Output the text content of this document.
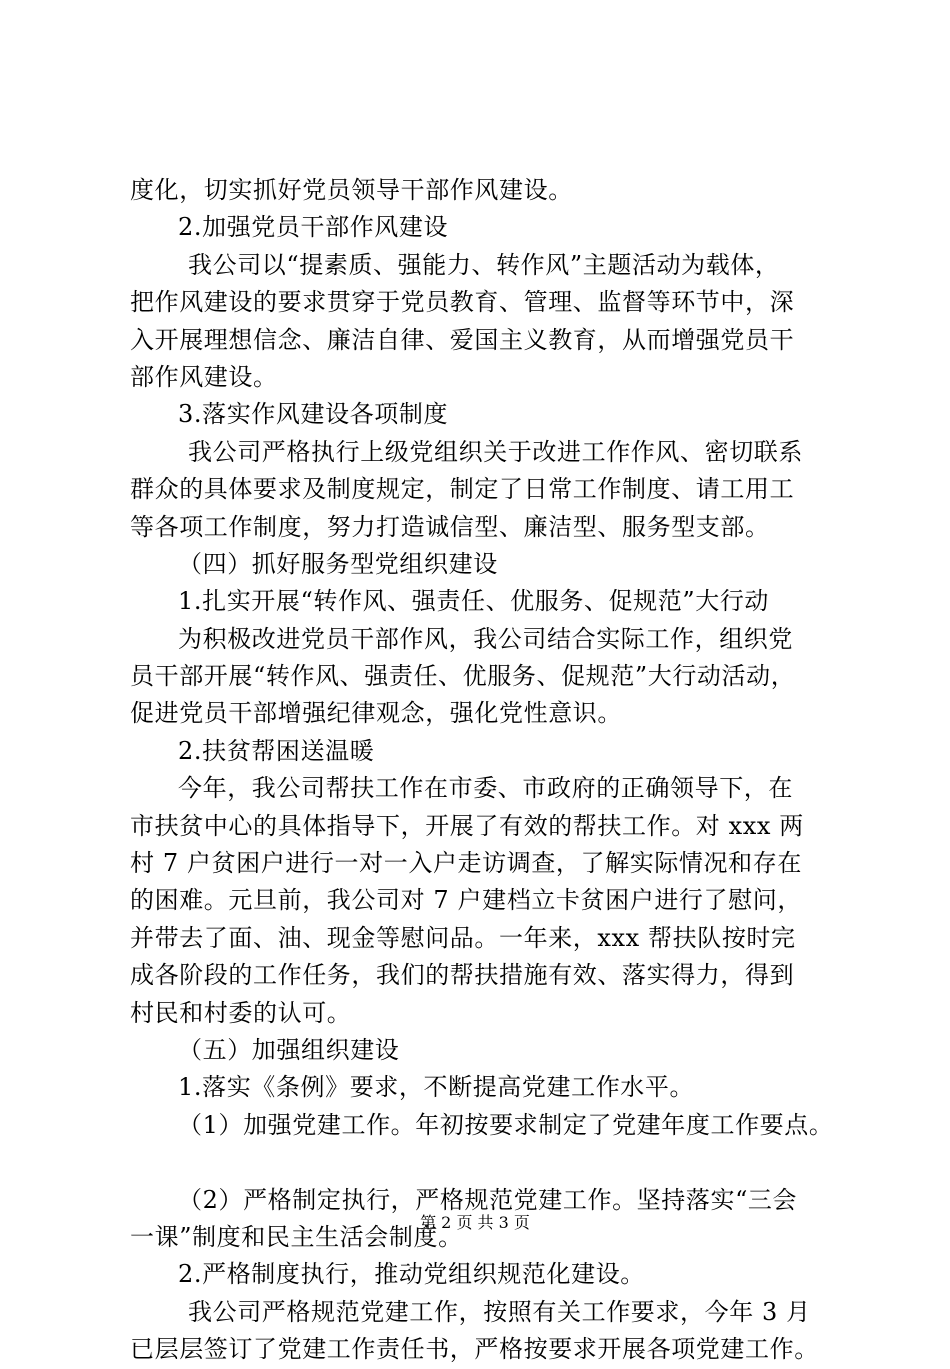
度化，切实抓好党员领导干部作风建设。
2.加强党员干部作风建设
我公司以“提素质、强能力、转作风”主题活动为载体，
把作风建设的要求贯穿于党员教育、管理、监督等环节中，深
入开展理想信念、廉洁自律、爱国主义教育，从而增强党员干
部作风建设。
3.落实作风建设各项制度
我公司严格执行上级党组织关于改进工作作风、密切联系
群众的具体要求及制度规定，制定了日常工作制度、请工用工
等各项工作制度，努力打造诚信型、廉洁型、服务型支部。
（四）抓好服务型党组织建设
1.扎实开展“转作风、强责任、优服务、促规范”大行动
为积极改进党员干部作风，我公司结合实际工作，组织党
员干部开展“转作风、强责任、优服务、促规范”大行动活动，
促进党员干部增强纪律观念，强化党性意识。
2.扶贫帮困送温暖
今年，我公司帮扶工作在市委、市政府的正确领导下，在
市扶贫中心的具体指导下，开展了有效的帮扶工作。对 xxx 两
村 7 户贫困户进行一对一入户走访调查，了解实际情况和存在
的困难。元旦前，我公司对 7 户建档立卡贫困户进行了慰问，
并带去了面、油、现金等慰问品。一年来，xxx 帮扶队按时完
成各阶段的工作任务，我们的帮扶措施有效、落实得力，得到
村民和村委的认可。
（五）加强组织建设
1.落实《条例》要求，不断提高党建工作水平。
（1）加强党建工作。年初按要求制定了党建年度工作要点。
（2）严格制定执行，严格规范党建工作。坚持落实“三会
一课”制度和民主生活会制度。
2.严格制度执行，推动党组织规范化建设。
我公司严格规范党建工作，按照有关工作要求，今年 3 月
已层层签订了党建工作责任书，严格按要求开展各项党建工作。
第 2 页 共 3 页
